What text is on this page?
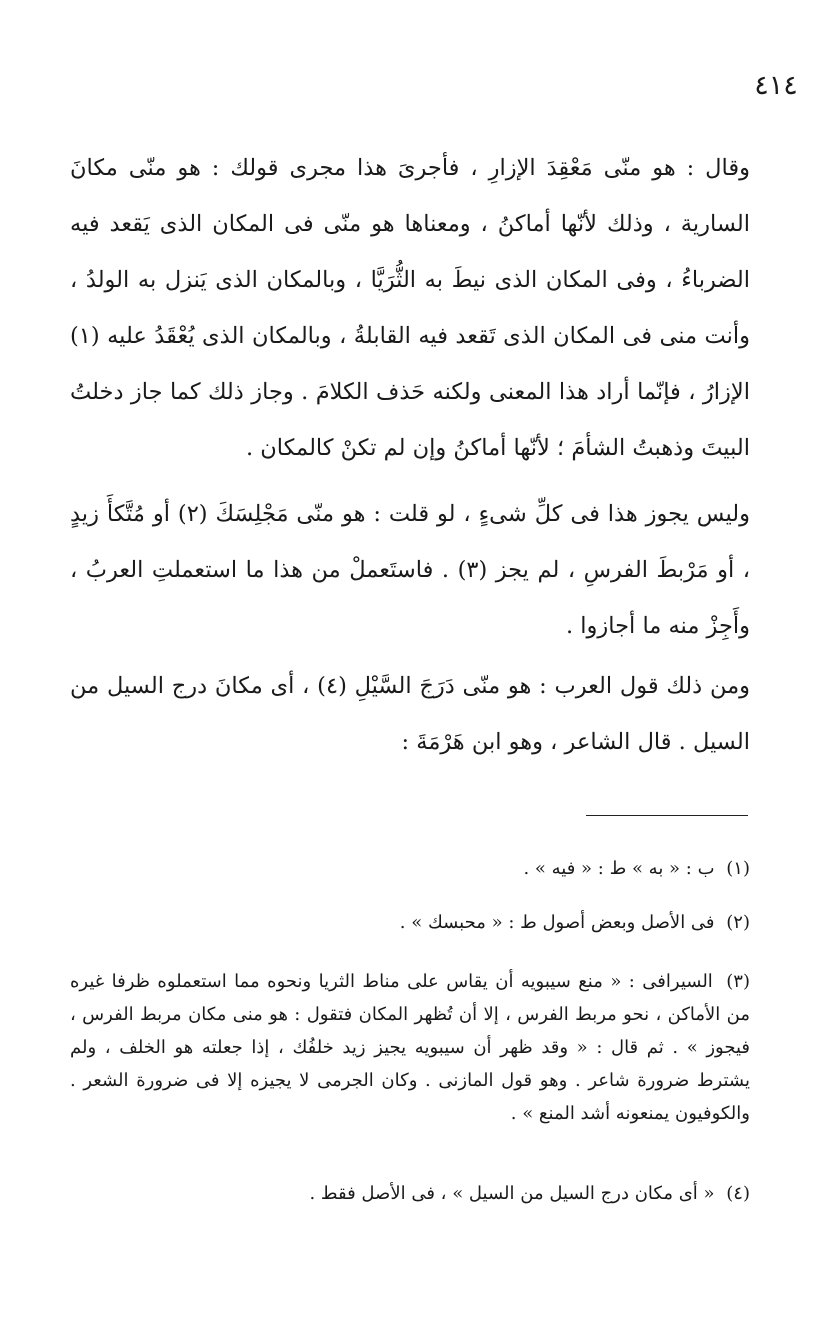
٤١٤

وقال : هو منّى مَعْقِدَ الإزارِ ، فأجرىَ هذا مجرى قولك : هو منّى مكانَ السارية ، وذلك لأنّها أماكنُ ، ومعناها هو منّى فى المكان الذى يَقعد فيه الضرباءُ ، وفى المكان الذى نيطَ به الثُّرَيَّا ، وبالمكان الذى يَنزل به الولدُ ، وأنت منى فى المكان الذى تَقعد فيه القابلةُ ، وبالمكان الذى يُعْقَدُ عليه (١) الإزارُ ، فإنّما أراد هذا المعنى ولكنه حَذف الكلامَ . وجاز ذلك كما جاز دخلتُ البيتَ وذهبتُ الشأمَ ؛ لأنّها أماكنُ وإن لم تكنْ كالمكان .

وليس يجوز هذا فى كلِّ شىءٍ ، لو قلت : هو منّى مَجْلِسَكَ (٢) أو مُتَّكأَ زيدٍ ، أو مَرْبطَ الفرسِ ، لم يجز (٣) . فاستَعملْ من هذا ما استعملتِ العربُ ، وأَجِزْ منه ما أجازوا .

ومن ذلك قول العرب : هو منّى دَرَجَ السَّيْلِ (٤) ، أى مكانَ درج السيل من السيل . قال الشاعر ، وهو ابن هَرْمَةَ :

(١) ب : « به » ط : « فيه » .
(٢) فى الأصل وبعض أصول ط : « محبسك » .
(٣) السيرافى : « منع سيبويه أن يقاس على مناط الثريا ونحوه مما استعملوه ظرفا غيره من الأماكن ، نحو مربط الفرس ، إلا أن تُظهر المكان فتقول : هو منى مكان مربط الفرس ، فيجوز » . ثم قال : « وقد ظهر أن سيبويه يجيز زيد خلفُك ، إذا جعلته هو الخلف ، ولم يشترط ضرورة شاعر . وهو قول المازنى . وكان الجرمى لا يجيزه إلا فى ضرورة الشعر . والكوفيون يمنعونه أشد المنع » .
(٤) « أى مكان درج السيل من السيل » ، فى الأصل فقط .
